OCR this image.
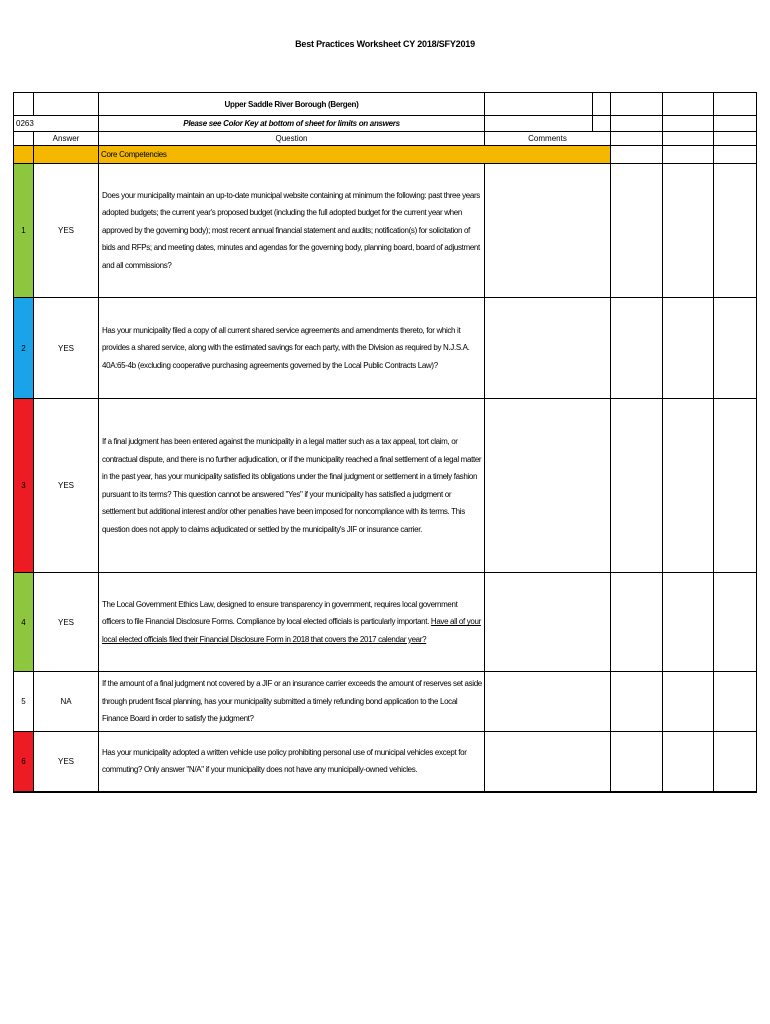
Best Practices Worksheet CY 2018/SFY2019
		Upper Saddle River Borough (Bergen)					
0263		Please see Color Key at bottom of sheet for limits on answers					
	Answer	Question	Comments				
		Core Competencies					
1	YES	Does your municipality maintain an up-to-date municipal website containing at minimum the following: past three years adopted budgets; the current year's proposed budget (including the full adopted budget for the current year when approved by the governing body); most recent annual financial statement and audits; notification(s) for solicitation of bids and RFPs; and meeting dates, minutes and agendas for the governing body, planning board, board of adjustment and all commissions?					
2	YES	Has your municipality filed a copy of all current shared service agreements and amendments thereto, for which it provides a shared service, along with the estimated savings for each party, with the Division as required by N.J.S.A. 40A:65-4b (excluding cooperative purchasing agreements governed by the Local Public Contracts Law)?					
3	YES	If a final judgment has been entered against the municipality in a legal matter such as a tax appeal, tort claim, or contractual dispute, and there is no further adjudication, or if the municipality reached a final settlement of a legal matter in the past year, has your municipality satisfied its obligations under the final judgment or settlement in a timely fashion pursuant to its terms? This question cannot be answered "Yes" if your municipality has satisfied a judgment or settlement but additional interest and/or other penalties have been imposed for noncompliance with its terms. This question does not apply to claims adjudicated or settled by the municipality's JIF or insurance carrier.					
4	YES	The Local Government Ethics Law, designed to ensure transparency in government, requires local government officers to file Financial Disclosure Forms. Compliance by local elected officials is particularly important. Have all of your local elected officials filed their Financial Disclosure Form in 2018 that covers the 2017 calendar year?					
5	NA	If the amount of a final judgment not covered by a JIF or an insurance carrier exceeds the amount of reserves set aside through prudent fiscal planning, has your municipality submitted a timely refunding bond application to the Local Finance Board in order to satisfy the judgment?					
6	YES	Has your municipality adopted a written vehicle use policy prohibiting personal use of municipal vehicles except for commuting? Only answer "N/A" if your municipality does not have any municipally-owned vehicles.					
